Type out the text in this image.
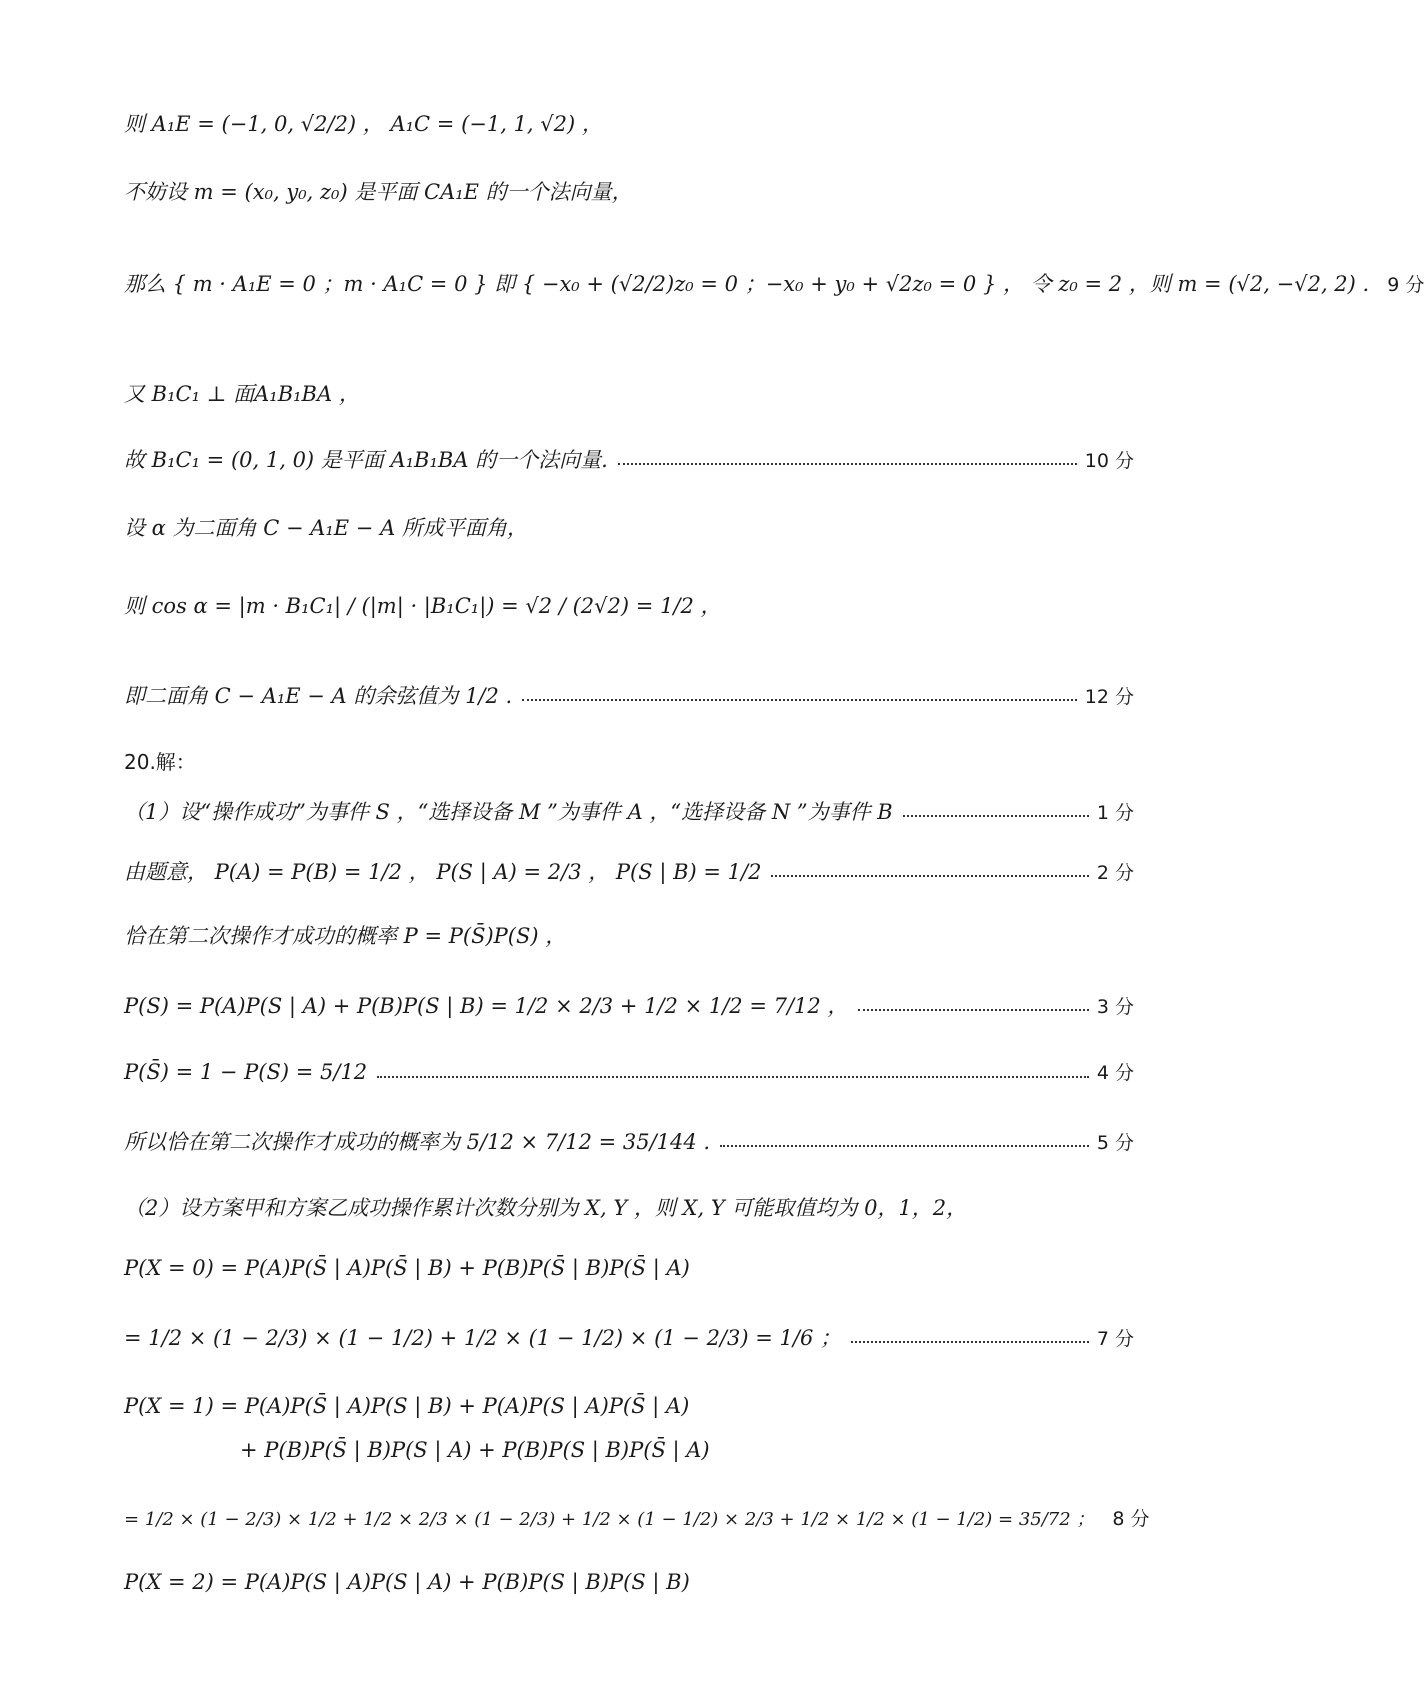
则 A₁E = (−1, 0, √2/2) ， A₁C = (−1, 1, √2) ，
不妨设 m = (x₀, y₀, z₀) 是平面 CA₁E 的一个法向量，
那么 { m · A₁E = 0 ；m · A₁C = 0 } 即 { −x₀ + (√2/2)z₀ = 0 ；−x₀ + y₀ + √2z₀ = 0 } ， 令 z₀ = 2 ，则 m = (√2, −√2, 2) . 9 分
又 B₁C₁ ⊥ 面A₁B₁BA ，
故 B₁C₁ = (0, 1, 0) 是平面 A₁B₁BA 的一个法向量.	10 分
设 α 为二面角 C − A₁E − A 所成平面角，
则 cos α = |m · B₁C₁| / (|m| · |B₁C₁|) = √2 / (2√2) = 1/2 ，
即二面角 C − A₁E − A 的余弦值为 1/2 .	12 分
20.解：
（1）设“操作成功”为事件 S ，“选择设备 M ”为事件 A ，“选择设备 N ”为事件 B	1 分
由题意， P(A) = P(B) = 1/2 ， P(S | A) = 2/3 ， P(S | B) = 1/2	2 分
恰在第二次操作才成功的概率 P = P(S̄)P(S) ，
P(S) = P(A)P(S | A) + P(B)P(S | B) = 1/2 × 2/3 + 1/2 × 1/2 = 7/12 ，	3 分
P(S̄) = 1 − P(S) = 5/12	4 分
所以恰在第二次操作才成功的概率为 5/12 × 7/12 = 35/144 .	5 分
（2）设方案甲和方案乙成功操作累计次数分别为 X, Y ，则 X, Y 可能取值均为 0，1，2，
P(X = 0) = P(A)P(S̄ | A)P(S̄ | B) + P(B)P(S̄ | B)P(S̄ | A)
= 1/2 × (1 − 2/3) × (1 − 1/2) + 1/2 × (1 − 1/2) × (1 − 2/3) = 1/6 ；	7 分
P(X = 1) = P(A)P(S̄ | A)P(S | B) + P(A)P(S | A)P(S̄ | A)
+ P(B)P(S̄ | B)P(S | A) + P(B)P(S | B)P(S̄ | A)
= 1/2 × (1 − 2/3) × 1/2 + 1/2 × 2/3 × (1 − 2/3) + 1/2 × (1 − 1/2) × 2/3 + 1/2 × 1/2 × (1 − 1/2) = 35/72 ； 8 分
P(X = 2) = P(A)P(S | A)P(S | A) + P(B)P(S | B)P(S | B)
